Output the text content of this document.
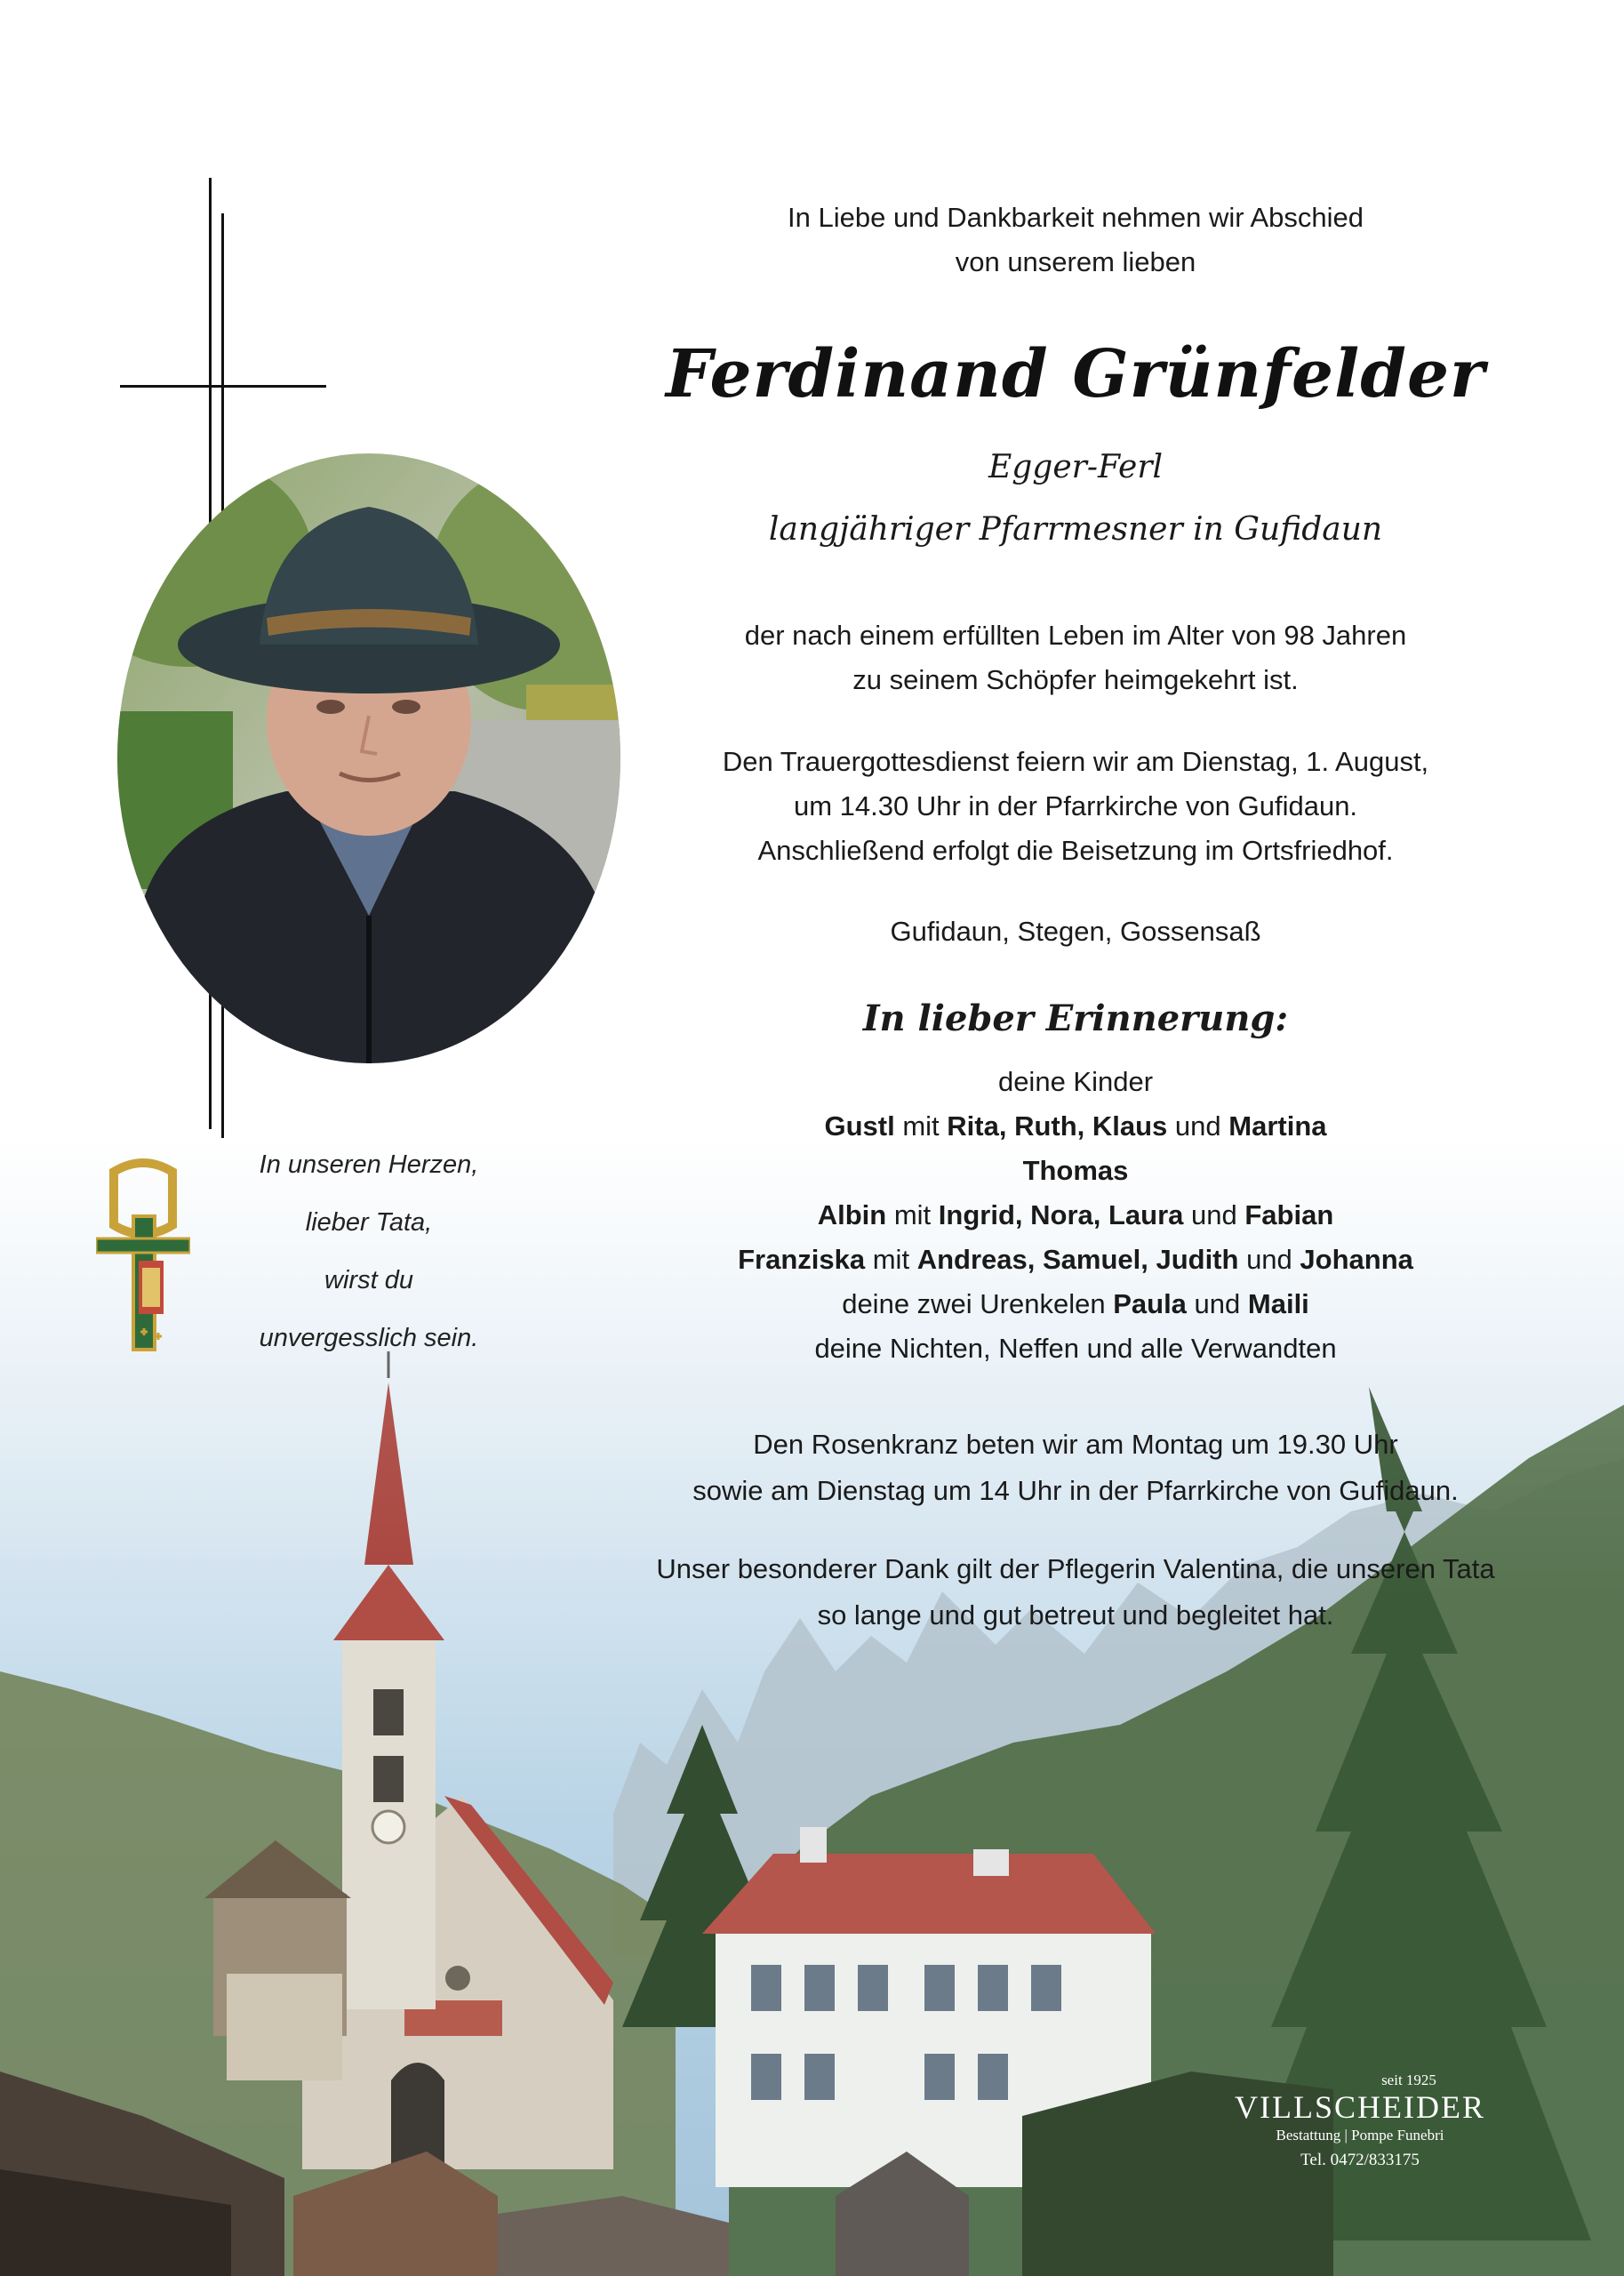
In unseren Herzen,
lieber Tata,
wirst du
unvergesslich sein.
In Liebe und Dankbarkeit nehmen wir Abschied
von unserem lieben
Ferdinand Grünfelder
Egger-Ferl
langjähriger Pfarrmesner in Gufidaun
der nach einem erfüllten Leben im Alter von 98 Jahren
zu seinem Schöpfer heimgekehrt ist.
Den Trauergottesdienst feiern wir am Dienstag, 1. August,
um 14.30 Uhr in der Pfarrkirche von Gufidaun.
Anschließend erfolgt die Beisetzung im Ortsfriedhof.
Gufidaun, Stegen, Gossensaß
In lieber Erinnerung:
deine Kinder
Gustl mit Rita, Ruth, Klaus und Martina
Thomas
Albin mit Ingrid, Nora, Laura und Fabian
Franziska mit Andreas, Samuel, Judith und Johanna
deine zwei Urenkelen Paula und Maili
deine Nichten, Neffen und alle Verwandten
Den Rosenkranz beten wir am Montag um 19.30 Uhr
sowie am Dienstag um 14 Uhr in der Pfarrkirche von Gufidaun.
Unser besonderer Dank gilt der Pflegerin Valentina, die unseren Tata
so lange und gut betreut und begleitet hat.
seit 1925
VILLSCHEIDER
Bestattung | Pompe Funebri
Tel. 0472/833175
